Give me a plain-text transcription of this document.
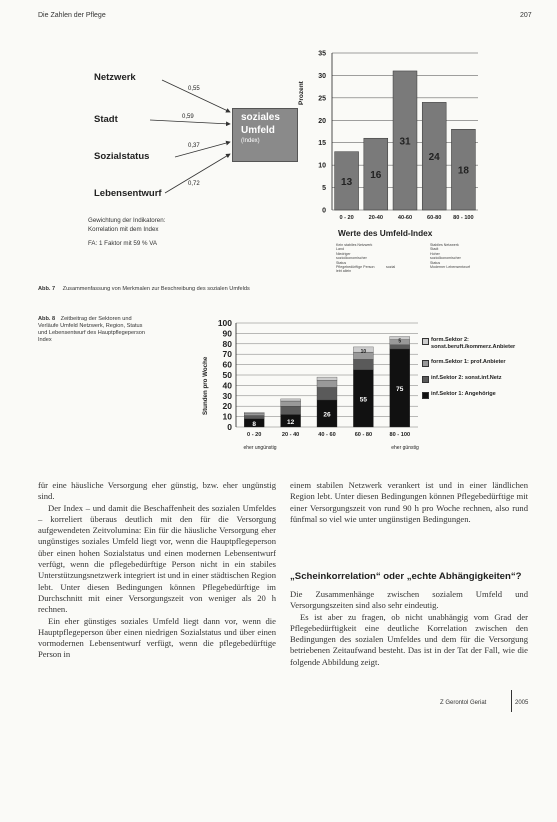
Die Zahlen der Pflege	207
Netzwerk
Stadt
Sozialstatus
Lebensentwurf
0,55
0,59
0,37
0,72
soziales
Umfeld
(Index)
Gewichtung der Indikatoren:
Korrelation mit dem Index
FA: 1 Faktor mit 59 % VA
0
5
10
15
20
25
30
35
13
0 - 20
16
20-40
31
40-60
24
60-80
18
80 - 100
Prozent
Werte des Umfeld-Index
Kein stabiles Netzwerk
Land
Niedriger sozioökonomischer Status
Pflegebedürftige Person lebt allein
sozial
Stabiles Netzwerk
Stadt
Hoher sozioökonomischer Status
Moderner Lebensentwurf
Abb. 7 Zusammenfassung von Merkmalen zur Beschreibung des sozialen Umfelds
Abb. 8 Zeitbeitrag der Sektoren und Verläufe Umfeld Netzwerk, Region, Status und Lebensentwurf des Hauptpflegeperson Index
0
10
20
30
40
50
60
70
80
90
100
8
0 - 20
12
20 - 40
26
40 - 60
55
10
60 - 80
75
5
80 - 100
Stunden pro Woche
eher ungünstig	eher günstig
form.Sektor 2: sonst.beruft./kommerz.Anbieter
form.Sektor 1: prof.Anbieter
inf.Sektor 2: sonst.inf.Netz
inf.Sektor 1: Angehörige

für eine häusliche Versorgung eher günstig, bzw. eher ungünstig sind.

Der Index – und damit die Beschaffenheit des sozialen Umfeldes – korreliert überaus deutlich mit den für die Versorgung aufgewendeten Zeitvolumina: Ein für die häusliche Versorgung eher ungünstiges soziales Umfeld liegt vor, wenn die Hauptpflegeperson über einen hohen Sozialstatus und einen modernen Lebensentwurf verfügt, wenn die pflegebedürftige Person nicht in ein stabiles Unterstützungsnetzwerk integriert ist und in einer städtischen Region lebt. Unter diesen Bedingungen können Pflegebedürftige im Durchschnitt mit einer Versorgungszeit von weniger als 20 h rechnen.

Ein eher günstiges soziales Umfeld liegt dann vor, wenn die Hauptpflegeperson über einen niedrigen Sozialstatus und über einen vormodernen Lebensentwurf verfügt, wenn die pflegebedürftige Person in

einem stabilen Netzwerk verankert ist und in einer ländlichen Region lebt. Unter diesen Bedingungen können Pflegebedürftige mit einer Versorgungszeit von rund 90 h pro Woche rechnen, also rund fünfmal so viel wie unter ungünstigen Bedingungen.

„Scheinkorrelation“ oder „echte Abhängigkeiten“?

Die Zusammenhänge zwischen sozialem Umfeld und Versorgungszeiten sind also sehr eindeutig.

Es ist aber zu fragen, ob nicht unabhängig vom Grad der Pflegebedürftigkeit eine deutliche Korrelation zwischen den Bedingungen des sozialen Umfeldes und dem für die Versorgung betriebenen Zeitaufwand besteht. Das ist in der Tat der Fall, wie die folgende Abbildung zeigt.

Z Gerontol Geriat	2005
